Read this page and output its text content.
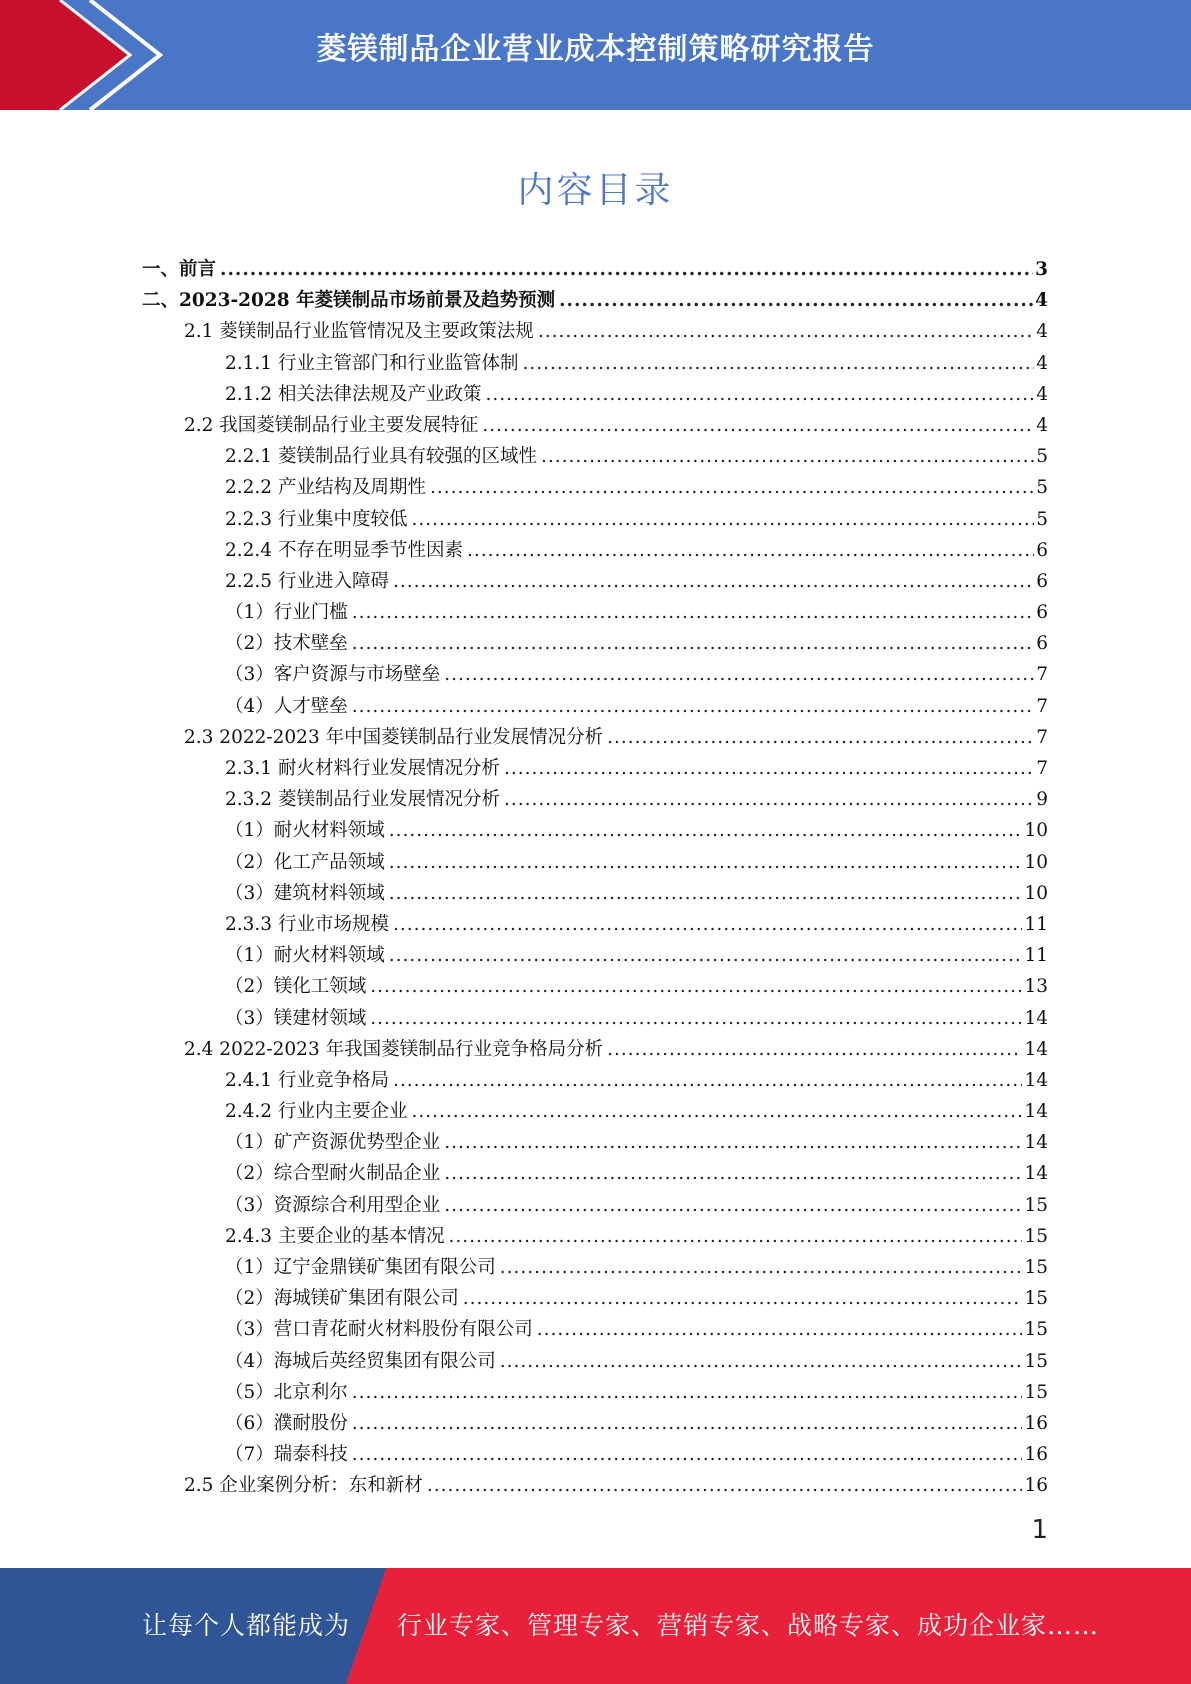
菱镁制品企业营业成本控制策略研究报告
内容目录
一、前言 .....	3
二、2023-2028 年菱镁制品市场前景及趋势预测 .....	4
2.1 菱镁制品行业监管情况及主要政策法规 .....	4
2.1.1 行业主管部门和行业监管体制 .....	4
2.1.2 相关法律法规及产业政策 .....	4
2.2 我国菱镁制品行业主要发展特征 .....	4
2.2.1 菱镁制品行业具有较强的区域性 .....	5
2.2.2 产业结构及周期性 .....	5
2.2.3 行业集中度较低 .....	5
2.2.4 不存在明显季节性因素 .....	6
2.2.5 行业进入障碍 .....	6
（1）行业门槛 .....	6
（2）技术壁垒 .....	6
（3）客户资源与市场壁垒 .....	7
（4）人才壁垒 .....	7
2.3 2022-2023 年中国菱镁制品行业发展情况分析 .....	7
2.3.1 耐火材料行业发展情况分析 .....	7
2.3.2 菱镁制品行业发展情况分析 .....	9
（1）耐火材料领域 .....	10
（2）化工产品领域 .....	10
（3）建筑材料领域 .....	10
2.3.3 行业市场规模 .....	11
（1）耐火材料领域 .....	11
（2）镁化工领域 .....	13
（3）镁建材领域 .....	14
2.4 2022-2023 年我国菱镁制品行业竞争格局分析 .....	14
2.4.1 行业竞争格局 .....	14
2.4.2 行业内主要企业 .....	14
（1）矿产资源优势型企业 .....	14
（2）综合型耐火制品企业 .....	14
（3）资源综合利用型企业 .....	15
2.4.3 主要企业的基本情况 .....	15
（1）辽宁金鼎镁矿集团有限公司 .....	15
（2）海城镁矿集团有限公司 .....	15
（3）营口青花耐火材料股份有限公司 .....	15
（4）海城后英经贸集团有限公司 .....	15
（5）北京利尔 .....	15
（6）濮耐股份 .....	16
（7）瑞泰科技 .....	16
2.5 企业案例分析：东和新材 .....	16
1
让每个人都能成为 行业专家、管理专家、营销专家、战略专家、成功企业家……
